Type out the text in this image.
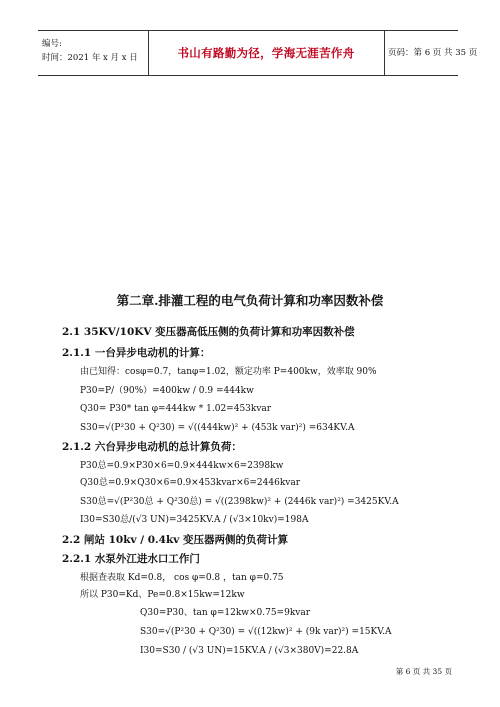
编号:
时间：2021 年 x 月 x 日	书山有路勤为径，学海无涯苦作舟	页码：第 6 页 共 35 页
第二章.排灌工程的电气负荷计算和功率因数补偿
2.1 35KV/10KV 变压器高低压侧的负荷计算和功率因数补偿
2.1.1 一台异步电动机的计算：
由已知得：cosφ=0.7，tanφ=1.02，额定功率 P=400kw，效率取 90%
P30=P/（90%）=400kw / 0.9 =444kw
Q30= P30* tan φ=444kw * 1.02=453kvar
S30=√(P²30 + Q²30) = √((444kw)² + (453k var)²) =634KV.A
2.1.2 六台异步电动机的总计算负荷：
P30总=0.9×P30×6=0.9×444kw×6=2398kw
Q30总=0.9×Q30×6=0.9×453kvar×6=2446kvar
S30总=√(P²30总 + Q²30总) = √((2398kw)² + (2446k var)²) =3425KV.A
I30=S30总/(√3 UN)=3425KV.A / (√3×10kv)=198A
2.2 闸站 10kv / 0.4kv 变压器两侧的负荷计算
2.2.1 水泵外江进水口工作门
根据查表取 Kd=0.8， cos φ=0.8 ，tan φ=0.75
所以 P30=Kd、Pe=0.8×15kw=12kw
Q30=P30、tan φ=12kw×0.75=9kvar
S30=√(P²30 + Q²30) = √((12kw)² + (9k var)²) =15KV.A
I30=S30 / (√3 UN)=15KV.A / (√3×380V)=22.8A
第 6 页 共 35 页
